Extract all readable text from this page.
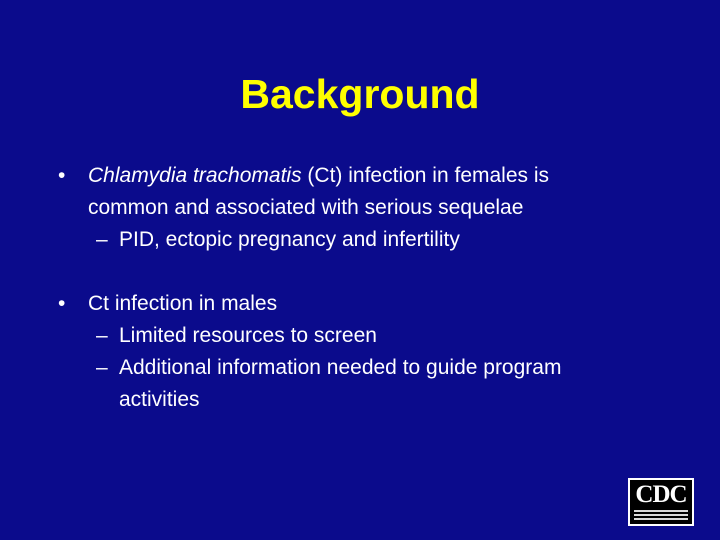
Background
• Chlamydia trachomatis (Ct) infection in females is
common and associated with serious sequelae
– PID, ectopic pregnancy and infertility
• Ct infection in males
– Limited resources to screen
– Additional information needed to guide program
activities
CDC
